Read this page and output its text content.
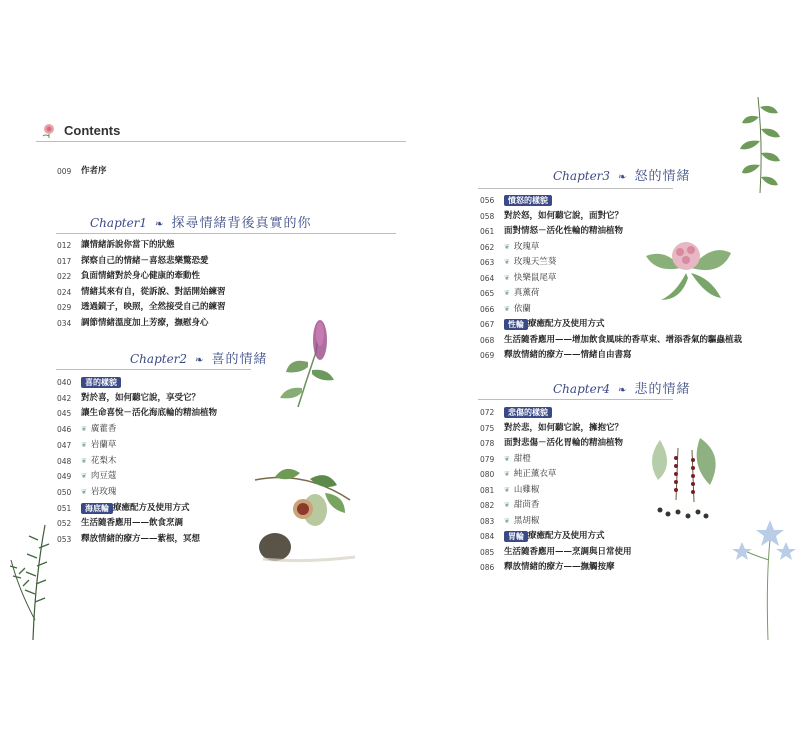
Contents
009	作者序
Chapter1 ❧ 探尋情緒背後真實的你
012	讓情緒訴說你當下的狀態
017	探察自己的情緒－喜怒悲樂驚恐愛
022	負面情緒對於身心健康的牽動性
024	情緒其來有自，從訴說、對話開始練習
029	透過鏡子，映照，全然接受自己的練習
034	調節情緒溫度加上芳療，撫慰身心
Chapter2 ❧ 喜的情緒
040	喜的樣貌
042	對於喜，如何聽它說，享受它？
045	讓生命喜悅－活化海底輪的精油植物
046	❦ 廣藿香
047	❦ 岩蘭草
048	❦ 花梨木
049	❦ 肉豆蔻
050	❦ 岩玫瑰
051	海底輪 療癒配方及使用方式
052	生活隨香應用——飲食烹調
053	釋放情緒的療方——紫根，冥想
Chapter3 ❧ 怒的情緒
056	憤怒的樣貌
058	對於怒，如何聽它說，面對它？
061	面對情怒－活化性輪的精油植物
062	❦ 玫瑰草
063	❦ 玫瑰天竺葵
064	❦ 快樂鼠尾草
065	❦ 真薰荷
066	❦ 依蘭
067	性輪 療癒配方及使用方式
068	生活隨香應用——增加飲食風味的香草束、增添香氣的驅蟲植栽
069	釋放情緒的療方——情緒自由書寫
Chapter4 ❧ 悲的情緒
072	悲傷的樣貌
075	對於悲，如何聽它說，擁抱它？
078	面對悲傷－活化胃輪的精油植物
079	❦ 甜橙
080	❦ 純正薰衣草
081	❦ 山雞椒
082	❦ 甜茴香
083	❦ 黑胡椒
084	胃輪 療癒配方及使用方式
085	生活隨香應用——烹調與日常使用
086	釋放情緒的療方——撫觸按摩
